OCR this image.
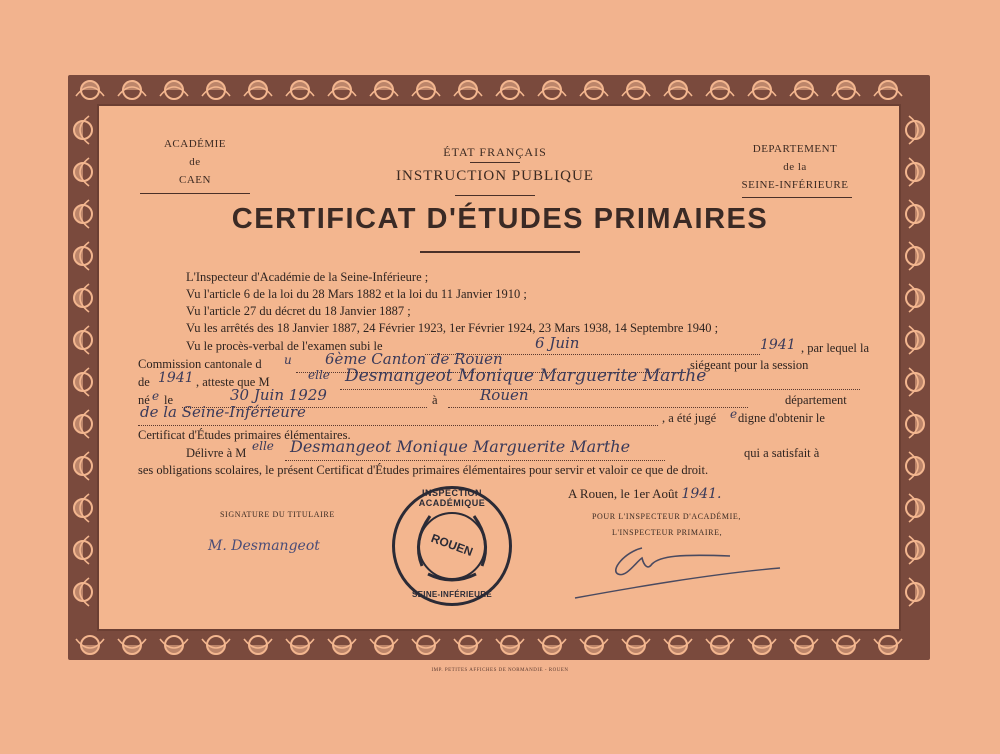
ACADÉMIE
de
CAEN
ÉTAT FRANÇAIS
INSTRUCTION PUBLIQUE
DEPARTEMENT
de la
SEINE-INFÉRIEURE
CERTIFICAT D'ÉTUDES PRIMAIRES
L'Inspecteur d'Académie de la Seine-Inférieure ;
Vu l'article 6 de la loi du 28 Mars 1882 et la loi du 11 Janvier 1910 ;
Vu l'article 27 du décret du 18 Janvier 1887 ;
Vu les arrêtés des 18 Janvier 1887, 24 Février 1923, 1er Février 1924, 23 Mars 1938, 14 Septembre 1940 ;
Vu le procès-verbal de l'examen subi le	6 Juin	1941 , par lequel la
Commission cantonale d u 6ème Canton de Rouen	siégeant pour la session
de 1941 , atteste que M	elle Desmangeot Monique Marguerite Marthe
né e le	30 Juin 1929	à	Rouen	département
de la Seine-Inférieure	, a été jugé e digne d'obtenir le
Certificat d'Études primaires élémentaires.
Délivre à M elle Desmangeot Monique Marguerite Marthe	qui a satisfait à
ses obligations scolaires, le présent Certificat d'Études primaires élémentaires pour servir et valoir ce que de droit.
A Rouen, le 1er Août 1941.
SIGNATURE DU TITULAIRE
M. Desmangeot
POUR L'INSPECTEUR D'ACADÉMIE,
L'INSPECTEUR PRIMAIRE,
INSPECTION ACADÉMIQUE
ROUEN
SEINE-INFÉRIEURE
IMP. PETITES AFFICHES DE NORMANDIE - ROUEN
